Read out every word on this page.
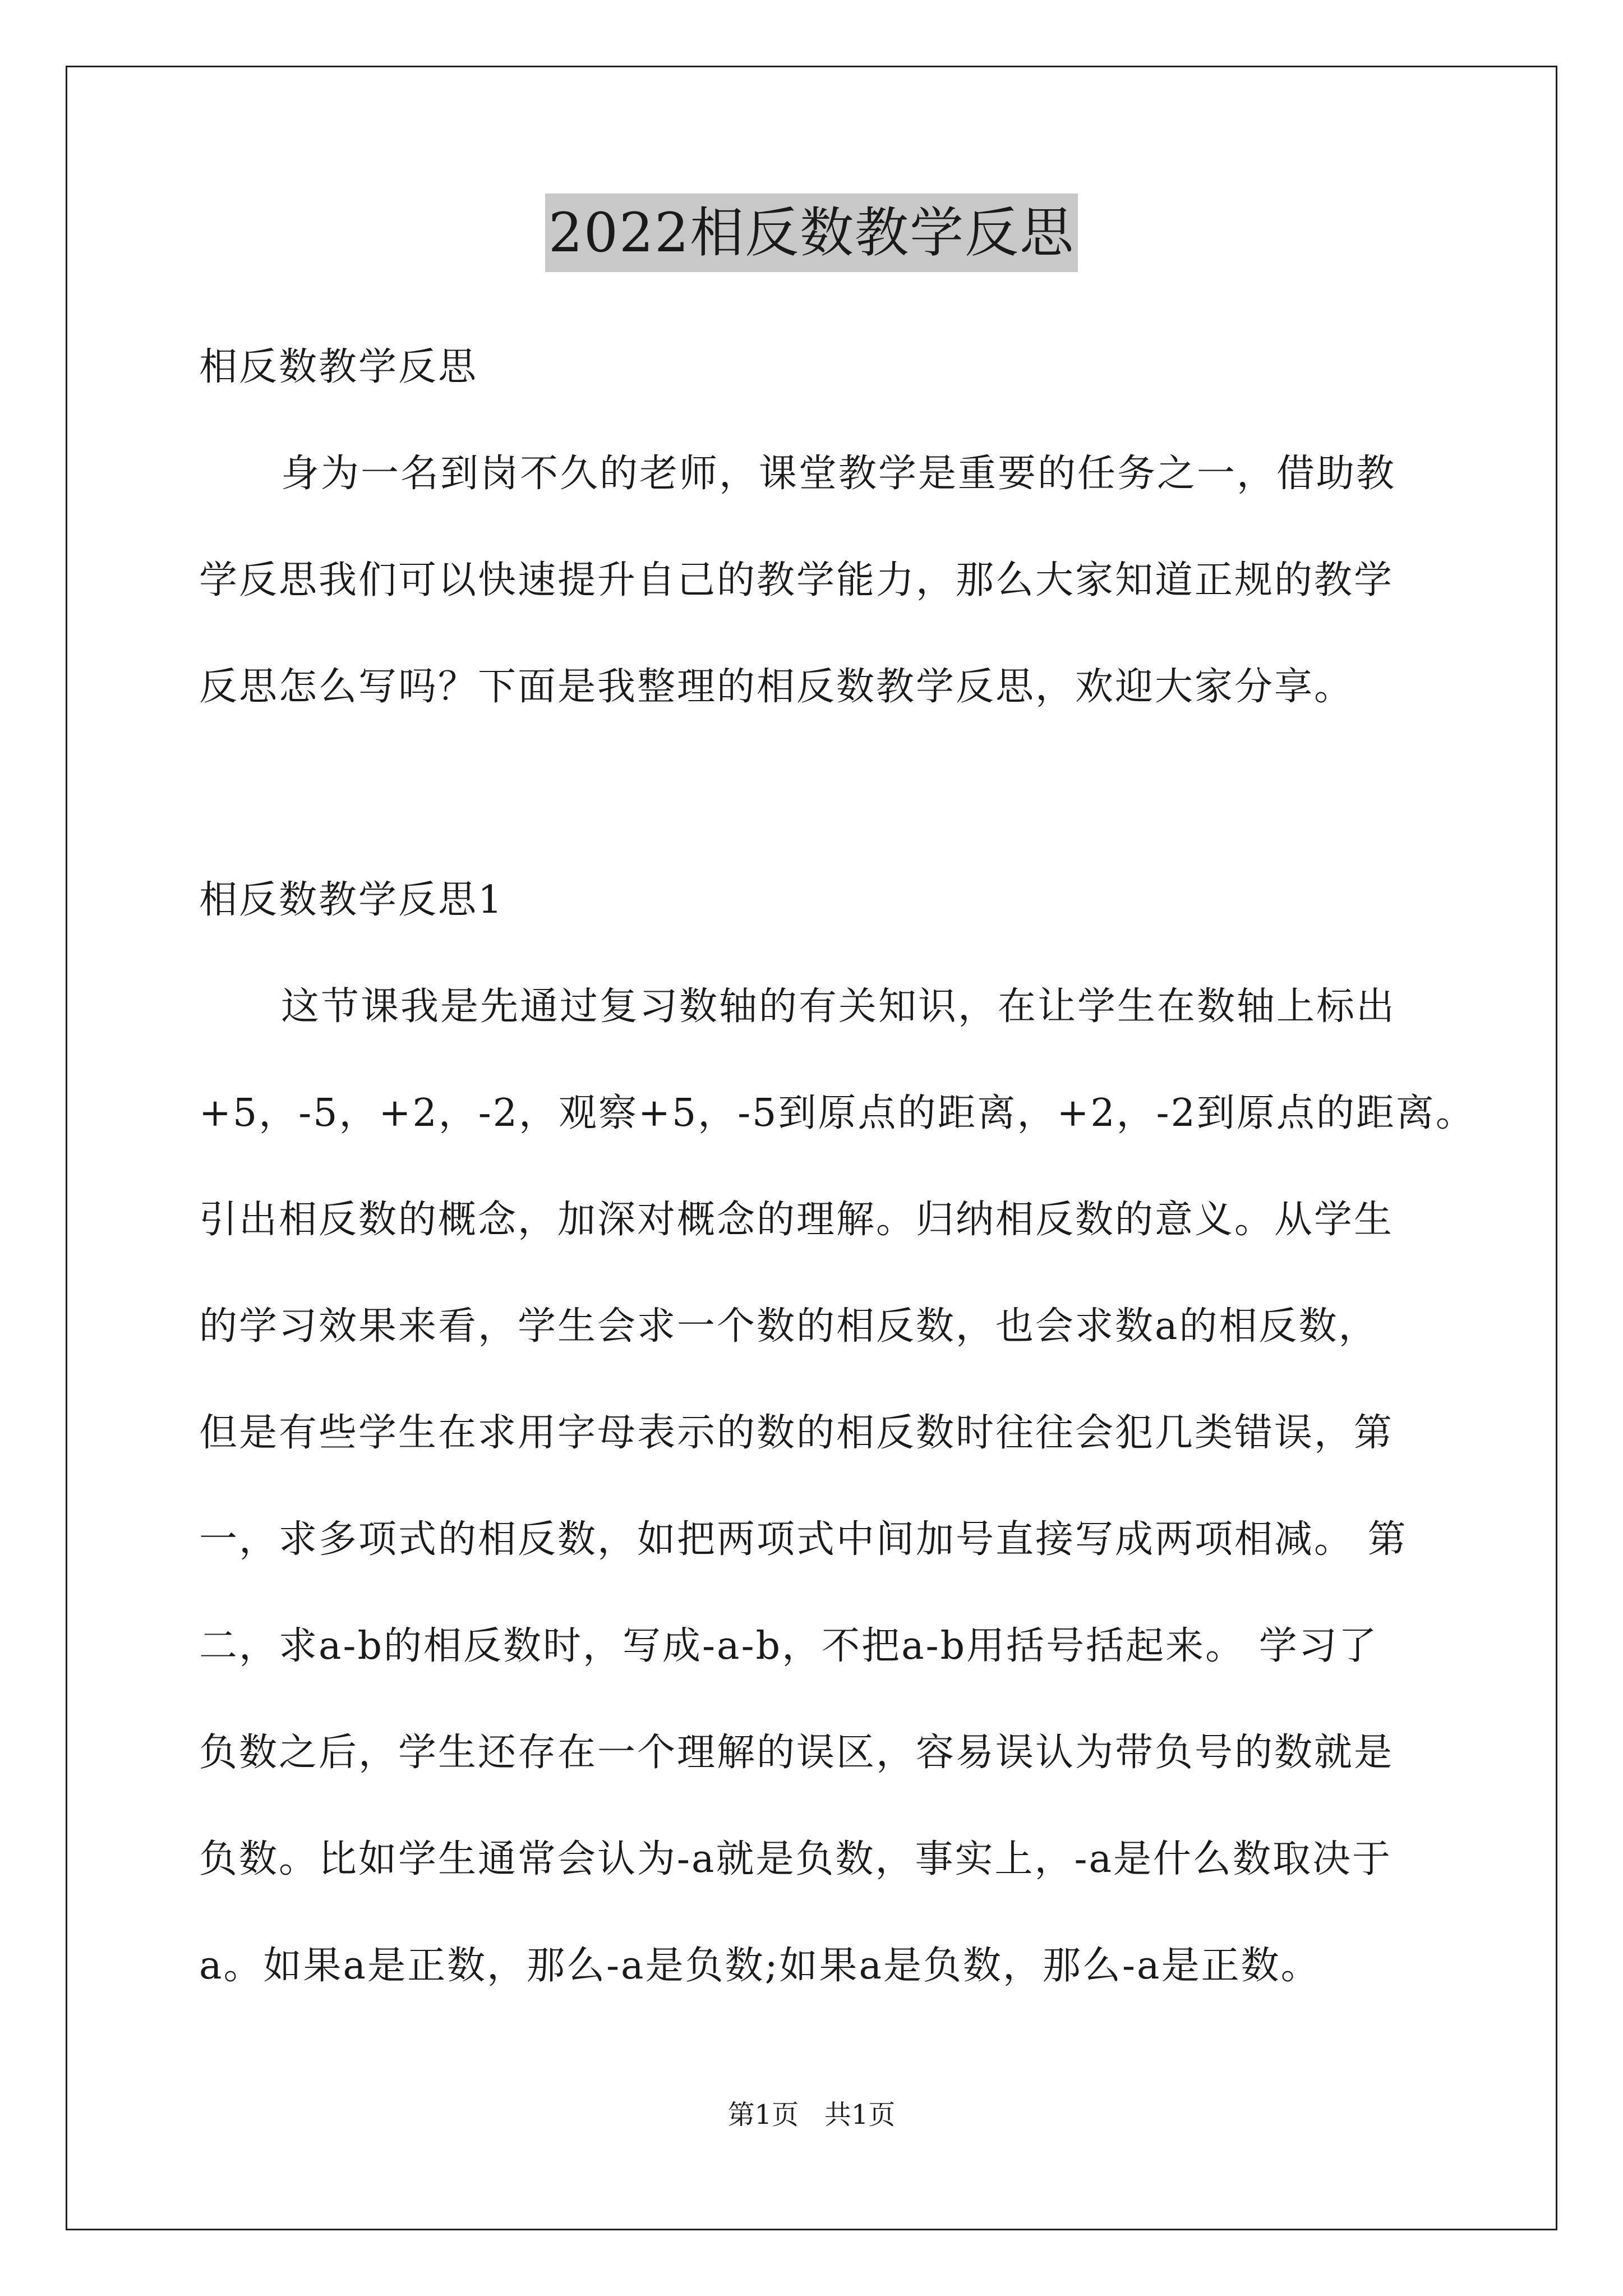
2022相反数教学反思
相反数教学反思
身为一名到岗不久的老师，课堂教学是重要的任务之一，借助教
学反思我们可以快速提升自己的教学能力，那么大家知道正规的教学
反思怎么写吗？下面是我整理的相反数教学反思，欢迎大家分享。
相反数教学反思1
这节课我是先通过复习数轴的有关知识，在让学生在数轴上标出
+5，-5，+2，-2，观察+5，-5到原点的距离，+2，-2到原点的距离。
引出相反数的概念，加深对概念的理解。归纳相反数的意义。从学生
的学习效果来看，学生会求一个数的相反数，也会求数a的相反数，
但是有些学生在求用字母表示的数的相反数时往往会犯几类错误，第
一，求多项式的相反数，如把两项式中间加号直接写成两项相减。 第
二，求a-b的相反数时，写成-a-b，不把a-b用括号括起来。 学习了
负数之后，学生还存在一个理解的误区，容易误认为带负号的数就是
负数。比如学生通常会认为-a就是负数，事实上，-a是什么数取决于
a。如果a是正数，那么-a是负数;如果a是负数，那么-a是正数。
第1页   共1页
